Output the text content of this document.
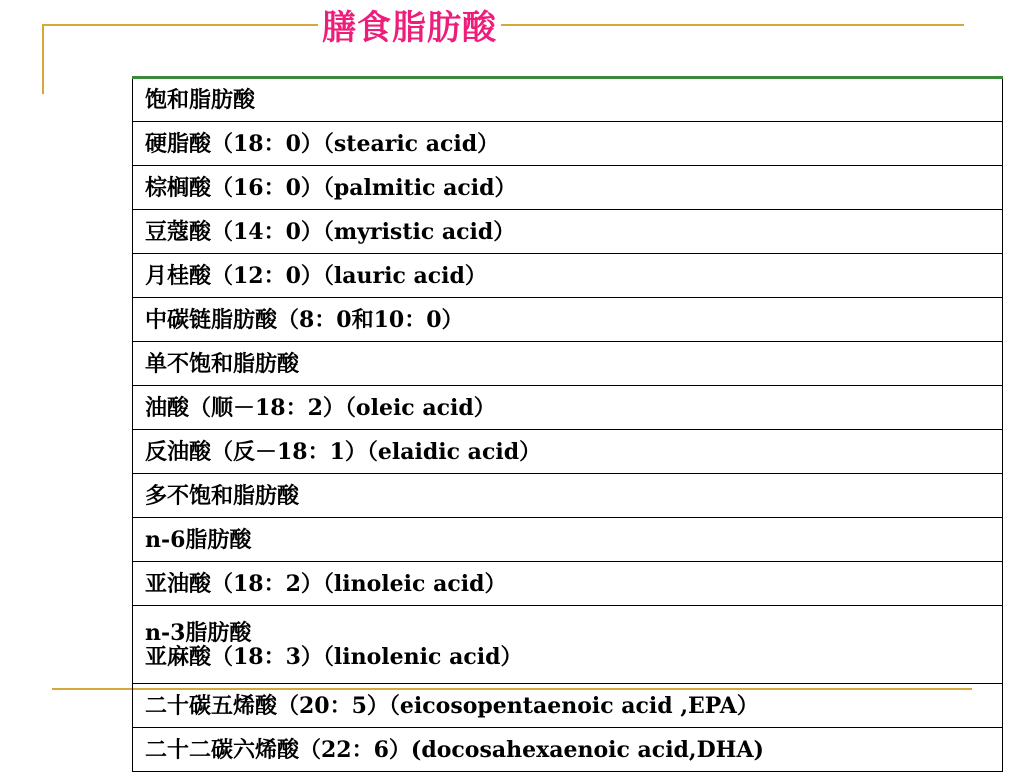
膳食脂肪酸
饱和脂肪酸
硬脂酸（18：0）（stearic acid）
棕榈酸（16：0）（palmitic acid）
豆蔻酸（14：0）（myristic acid）
月桂酸（12：0）（lauric acid）
中碳链脂肪酸（8：0和10：0）
单不饱和脂肪酸
油酸（顺－18：2）（oleic acid）
反油酸（反－18：1）（elaidic acid）
多不饱和脂肪酸
n-6脂肪酸
亚油酸（18：2）（linoleic acid）

n-3脂肪酸
亚麻酸（18：3）（linolenic acid）

二十碳五烯酸（20：5）（eicosopentaenoic acid ,EPA）
二十二碳六烯酸（22：6）(docosahexaenoic acid,DHA)
